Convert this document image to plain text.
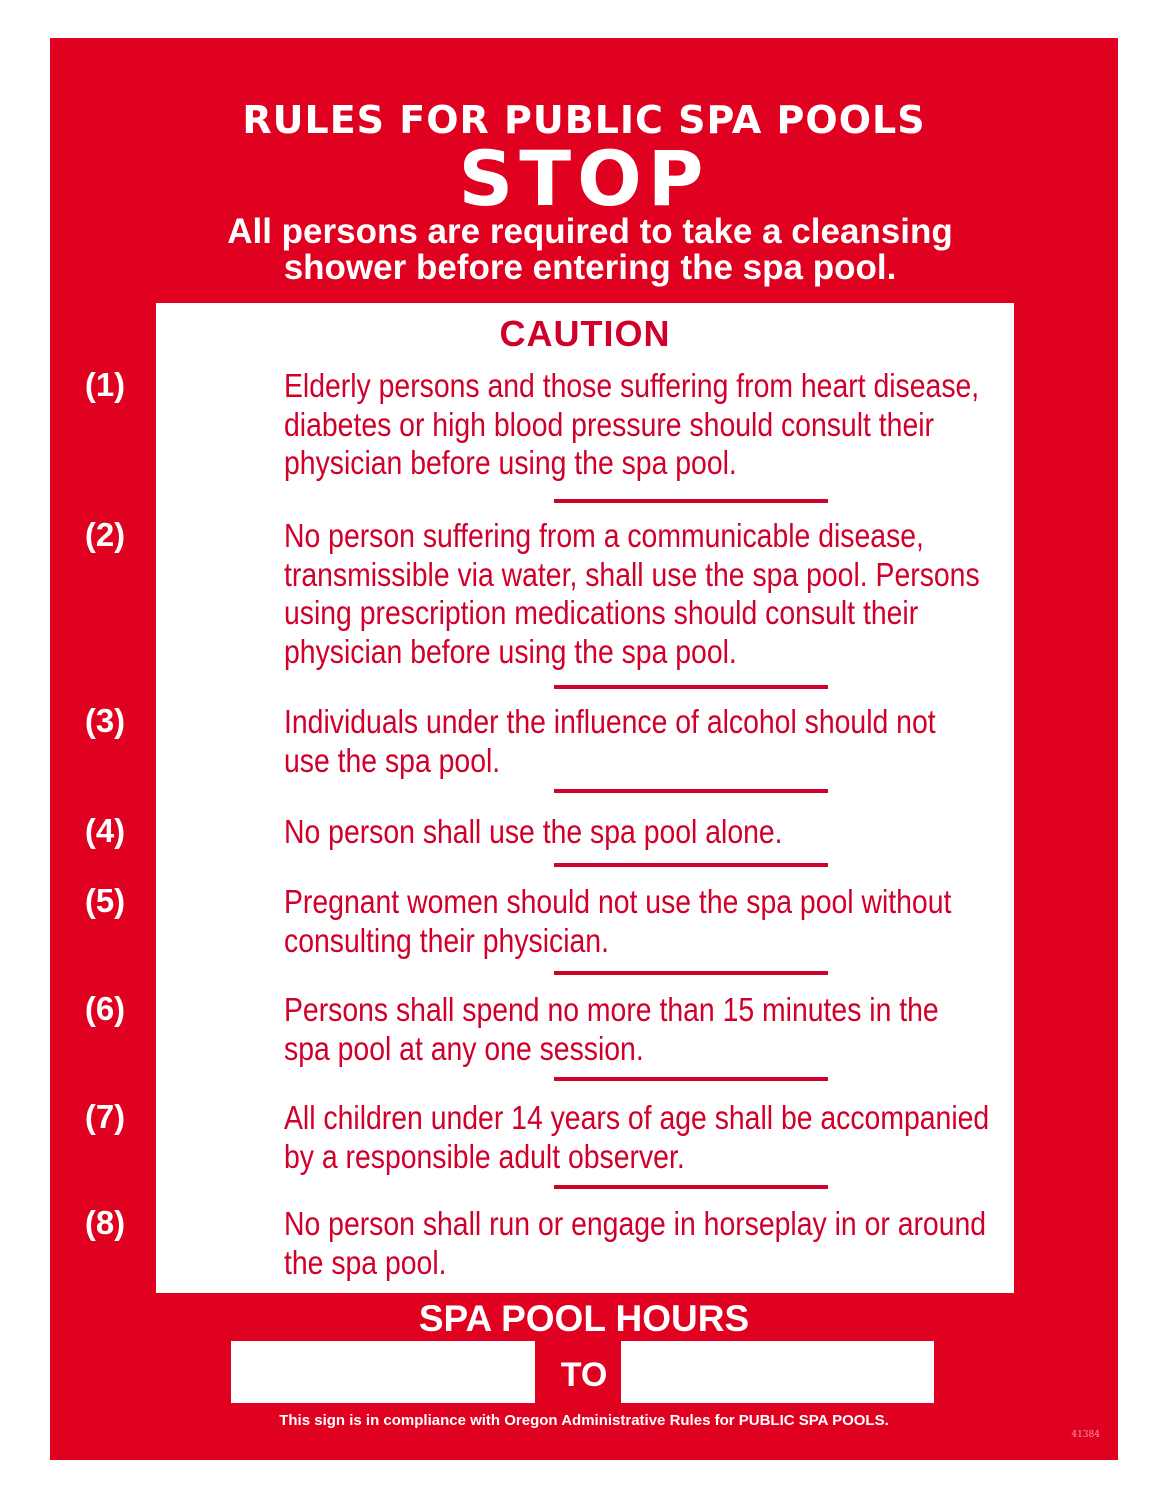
RULES FOR PUBLIC SPA POOLS
STOP
All persons are required to take a cleansing
shower before entering the spa pool.
CAUTION
Elderly persons and those suffering from heart disease,
diabetes or high blood pressure should consult their
physician before using the spa pool.
No person suffering from a communicable disease,
transmissible via water, shall use the spa pool. Persons
using prescription medications should consult their
physician before using the spa pool.
Individuals under the influence of alcohol should not
use the spa pool.
No person shall use the spa pool alone.
Pregnant women should not use the spa pool without
consulting their physician.
Persons shall spend no more than 15 minutes in the
spa pool at any one session.
All children under 14 years of age shall be accompanied
by a responsible adult observer.
No person shall run or engage in horseplay in or around
the spa pool.
(1)
(2)
(3)
(4)
(5)
(6)
(7)
(8)
SPA POOL HOURS
TO
This sign is in compliance with Oregon Administrative Rules for PUBLIC SPA POOLS.
41384
